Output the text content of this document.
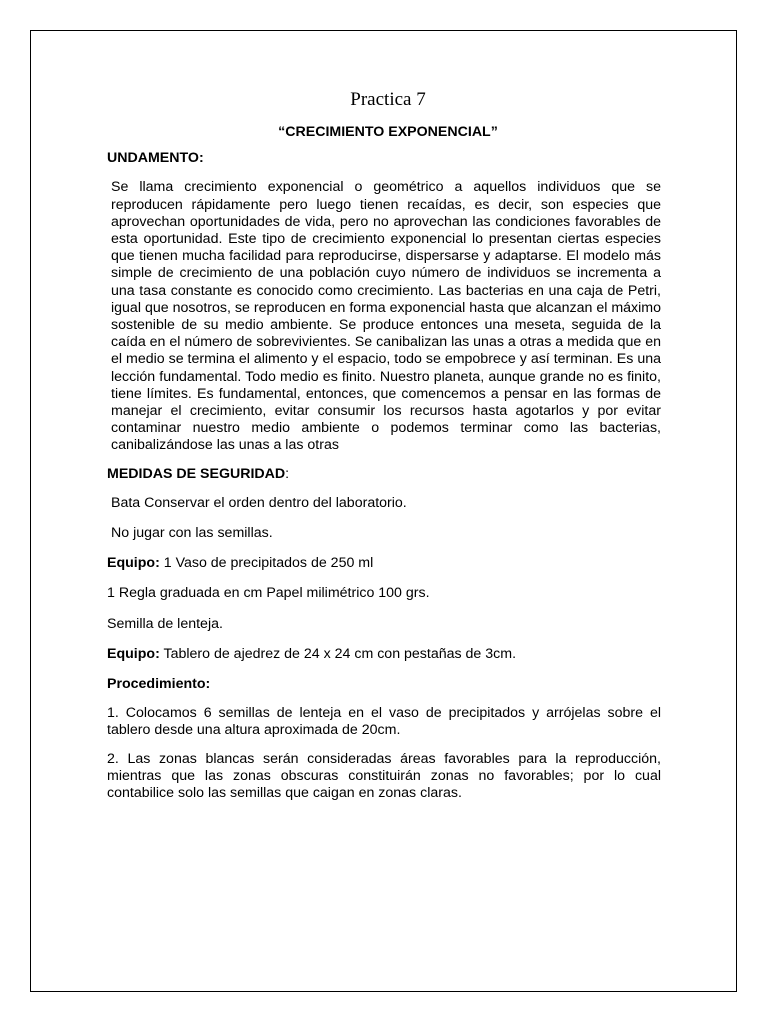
Practica 7
“CRECIMIENTO EXPONENCIAL”
UNDAMENTO:
Se llama crecimiento exponencial o geométrico a aquellos individuos que se reproducen rápidamente pero luego tienen recaídas, es decir, son especies que aprovechan oportunidades de vida, pero no aprovechan las condiciones favorables de esta oportunidad. Este tipo de crecimiento exponencial lo presentan ciertas especies que tienen mucha facilidad para reproducirse, dispersarse y adaptarse. El modelo más simple de crecimiento de una población cuyo número de individuos se incrementa a una tasa constante es conocido como crecimiento. Las bacterias en una caja de Petri, igual que nosotros, se reproducen en forma exponencial hasta que alcanzan el máximo sostenible de su medio ambiente. Se produce entonces una meseta, seguida de la caída en el número de sobrevivientes. Se canibalizan las unas a otras a medida que en el medio se termina el alimento y el espacio, todo se empobrece y así terminan. Es una lección fundamental. Todo medio es finito. Nuestro planeta, aunque grande no es finito, tiene límites. Es fundamental, entonces, que comencemos a pensar en las formas de manejar el crecimiento, evitar consumir los recursos hasta agotarlos y por evitar contaminar nuestro medio ambiente o podemos terminar como las bacterias, canibalizándose las unas a las otras
MEDIDAS DE SEGURIDAD:
Bata Conservar el orden dentro del laboratorio.
No jugar con las semillas.
Equipo: 1 Vaso de precipitados de 250 ml
1 Regla graduada en cm Papel milimétrico 100 grs.
Semilla de lenteja.
Equipo: Tablero de ajedrez de 24 x 24 cm con pestañas de 3cm.
Procedimiento:
1. Colocamos 6 semillas de lenteja en el vaso de precipitados y arrójelas sobre el tablero desde una altura aproximada de 20cm.
2. Las zonas blancas serán consideradas áreas favorables para la reproducción, mientras que las zonas obscuras constituirán zonas no favorables; por lo cual contabilice solo las semillas que caigan en zonas claras.
